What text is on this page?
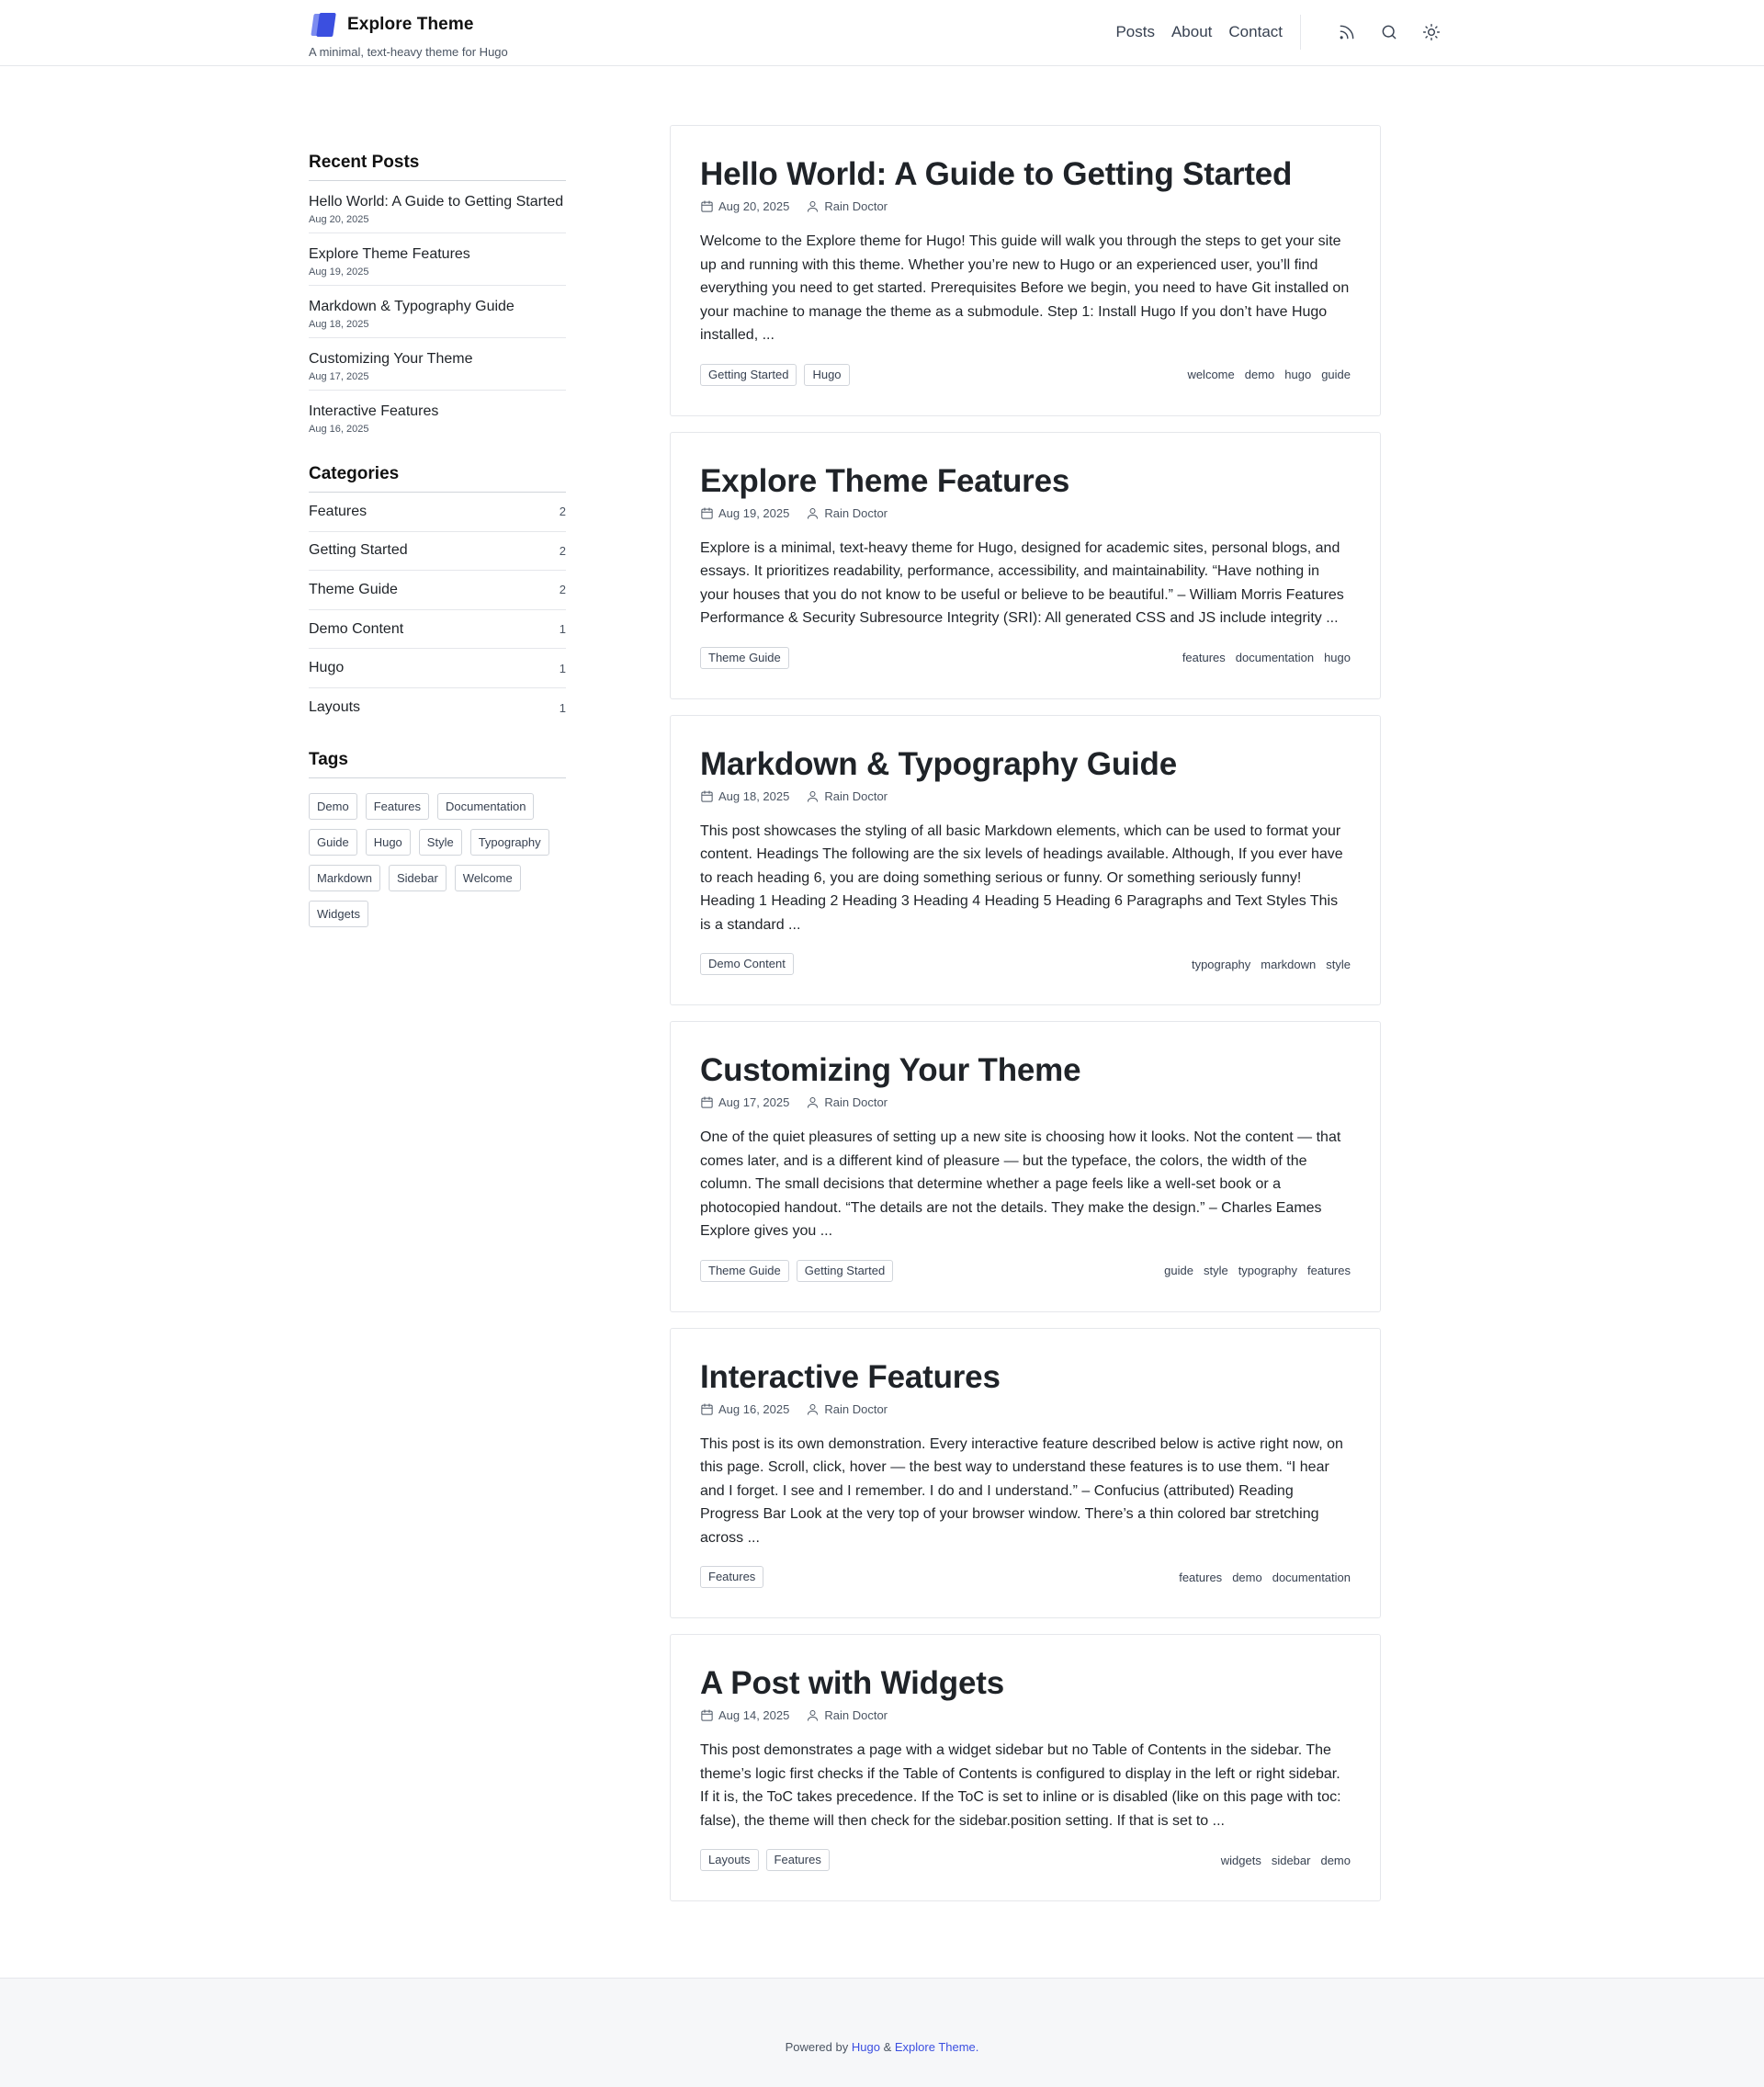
Explore Theme
A minimal, text-heavy theme for Hugo
Posts About Contact
Recent Posts
Hello World: A Guide to Getting Started
Aug 20, 2025
Explore Theme Features
Aug 19, 2025
Markdown & Typography Guide
Aug 18, 2025
Customizing Your Theme
Aug 17, 2025
Interactive Features
Aug 16, 2025
Categories
Features	2
Getting Started	2
Theme Guide	2
Demo Content	1
Hugo	1
Layouts	1
Tags
Demo	Features	Documentation
Guide	Hugo	Style	Typography
Markdown	Sidebar	Welcome
Widgets
Hello World: A Guide to Getting Started
Aug 20, 2025	Rain Doctor

Welcome to the Explore theme for Hugo! This guide will walk you through the steps to get your site up and running with this theme. Whether you’re new to Hugo or an experienced user, you’ll find everything you need to get started. Prerequisites Before we begin, you need to have Git installed on your machine to manage the theme as a submodule. Step 1: Install Hugo If you don’t have Hugo installed, ...

Getting Started	Hugo	welcome demo hugo guide
Explore Theme Features
Aug 19, 2025	Rain Doctor

Explore is a minimal, text-heavy theme for Hugo, designed for academic sites, personal blogs, and essays. It prioritizes readability, performance, accessibility, and maintainability. “Have nothing in your houses that you do not know to be useful or believe to be beautiful.” – William Morris Features Performance & Security Subresource Integrity (SRI): All generated CSS and JS include integrity ...

Theme Guide	features documentation hugo
Markdown & Typography Guide
Aug 18, 2025	Rain Doctor

This post showcases the styling of all basic Markdown elements, which can be used to format your content. Headings The following are the six levels of headings available. Although, If you ever have to reach heading 6, you are doing something serious or funny. Or something seriously funny! Heading 1 Heading 2 Heading 3 Heading 4 Heading 5 Heading 6 Paragraphs and Text Styles This is a standard ...

Demo Content	typography markdown style
Customizing Your Theme
Aug 17, 2025	Rain Doctor

One of the quiet pleasures of setting up a new site is choosing how it looks. Not the content — that comes later, and is a different kind of pleasure — but the typeface, the colors, the width of the column. The small decisions that determine whether a page feels like a well-set book or a photocopied handout. “The details are not the details. They make the design.” – Charles Eames Explore gives you ...

Theme Guide	Getting Started	guide style typography features
Interactive Features
Aug 16, 2025	Rain Doctor

This post is its own demonstration. Every interactive feature described below is active right now, on this page. Scroll, click, hover — the best way to understand these features is to use them. “I hear and I forget. I see and I remember. I do and I understand.” – Confucius (attributed) Reading Progress Bar Look at the very top of your browser window. There’s a thin colored bar stretching across ...

Features	features demo documentation
A Post with Widgets
Aug 14, 2025	Rain Doctor

This post demonstrates a page with a widget sidebar but no Table of Contents in the sidebar. The theme’s logic first checks if the Table of Contents is configured to display in the left or right sidebar. If it is, the ToC takes precedence. If the ToC is set to inline or is disabled (like on this page with toc: false), the theme will then check for the sidebar.position setting. If that is set to ...

Layouts	Features	widgets sidebar demo
Powered by Hugo & Explore Theme.
